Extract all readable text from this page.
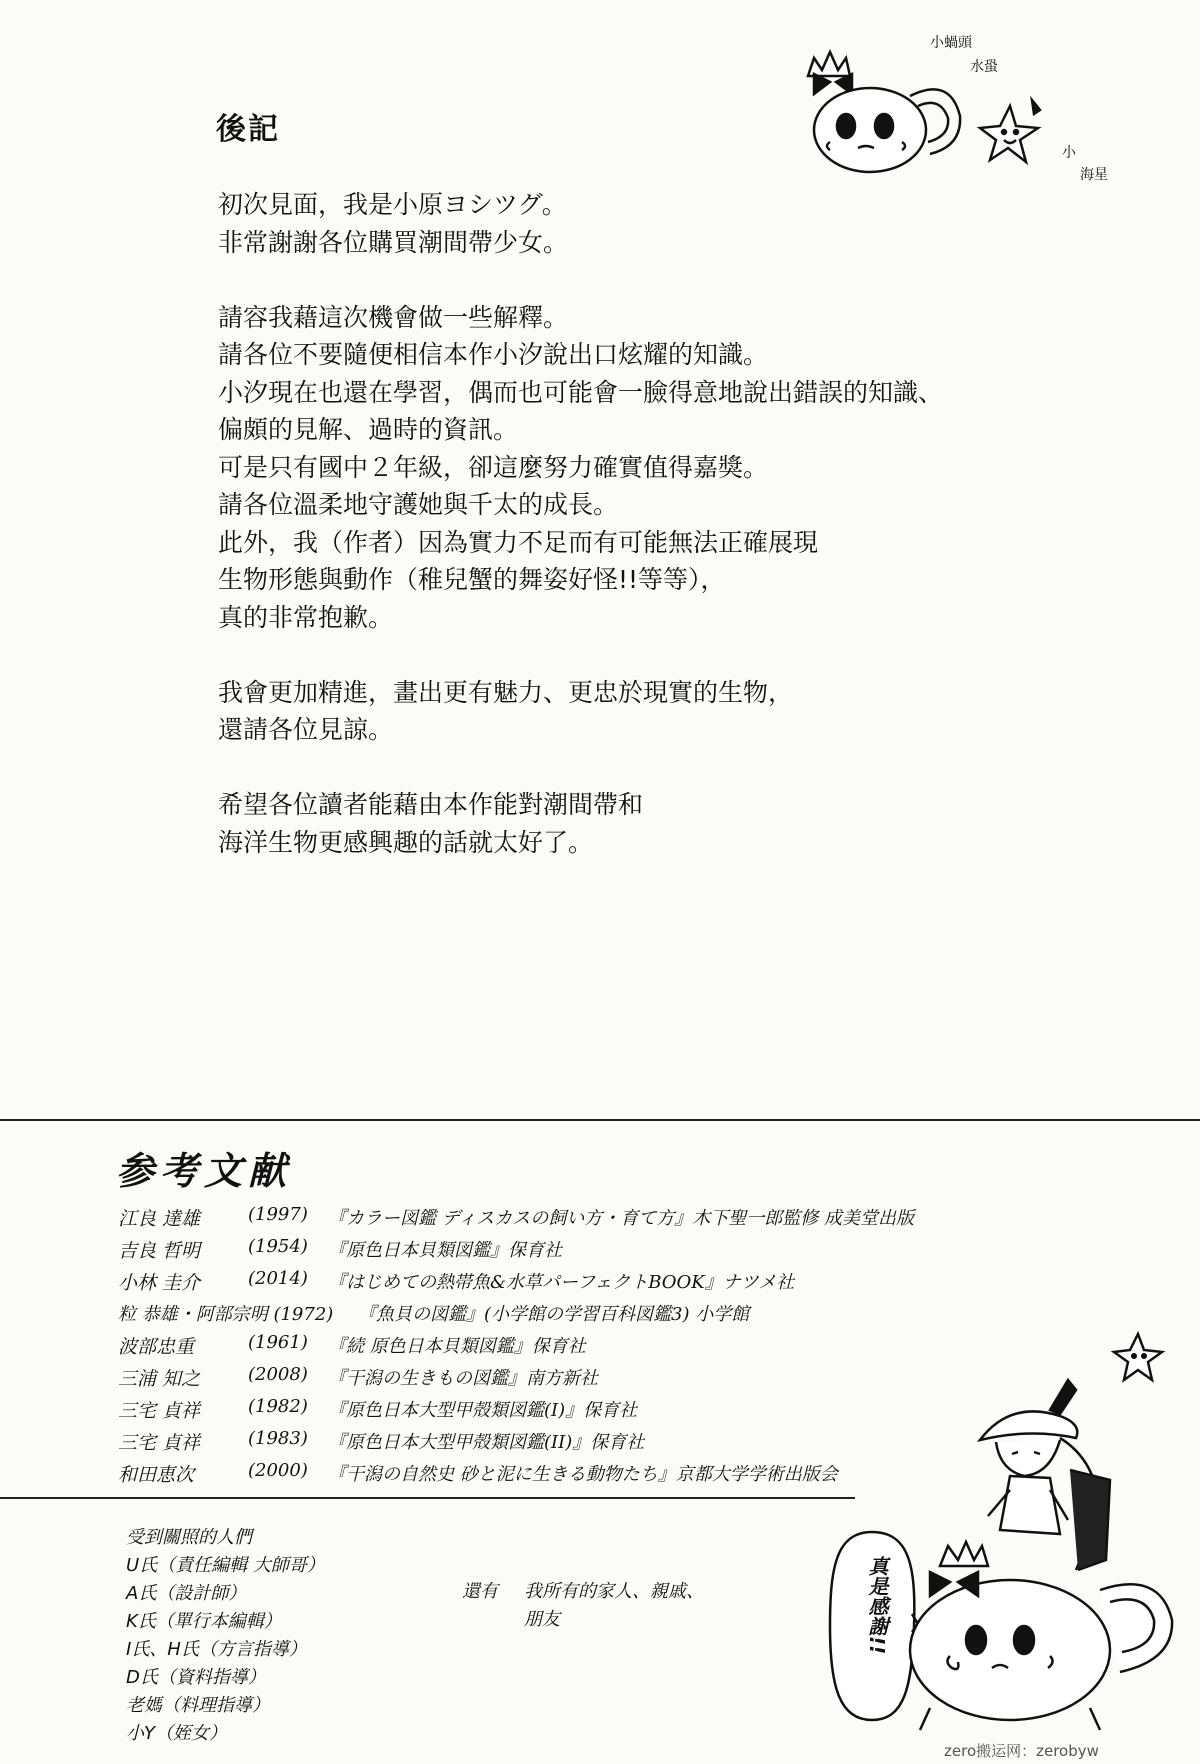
後記
初次見面，我是小原ヨシツグ。
非常謝謝各位購買潮間帶少女。
請容我藉這次機會做一些解釋。
請各位不要隨便相信本作小汐說出口炫耀的知識。
小汐現在也還在學習，偶而也可能會一臉得意地說出錯誤的知識、
偏頗的見解、過時的資訊。
可是只有國中２年級，卻這麼努力確實值得嘉獎。
請各位溫柔地守護她與千太的成長。
此外，我（作者）因為實力不足而有可能無法正確展現
生物形態與動作（稚兒蟹的舞姿好怪!!等等），
真的非常抱歉。
我會更加精進，畫出更有魅力、更忠於現實的生物，
還請各位見諒。
希望各位讀者能藉由本作能對潮間帶和
海洋生物更感興趣的話就太好了。
小蝸頭
水蛩
小
海星
参考文献
江良 達雄	(1997) 『カラー図鑑 ディスカスの飼い方・育て方』木下聖一郎監修 成美堂出版
吉良 哲明	(1954) 『原色日本貝類図鑑』保育社
小林 圭介	(2014) 『はじめての熱帯魚&水草パーフェクトBOOK』ナツメ社
粒 恭雄・阿部宗明 (1972) 『魚貝の図鑑』(小学館の学習百科図鑑3) 小学館
波部忠重	(1961) 『続 原色日本貝類図鑑』保育社
三浦 知之	(2008) 『干潟の生きもの図鑑』南方新社
三宅 貞祥	(1982) 『原色日本大型甲殻類図鑑(I)』保育社
三宅 貞祥	(1983) 『原色日本大型甲殻類図鑑(II)』保育社
和田恵次	(2000) 『干潟の自然史 砂と泥に生きる動物たち』京都大学学術出版会
受到關照的人們
U氏（責任編輯 大師哥）
A氏（設計師）
K氏（單行本編輯）
I氏、H氏（方言指導）
D氏（資料指導）
老媽（料理指導）
小Y（姪女）
還有 我所有的家人、親戚、
朋友	真是感謝!!
zero搬运网：zerobyw
